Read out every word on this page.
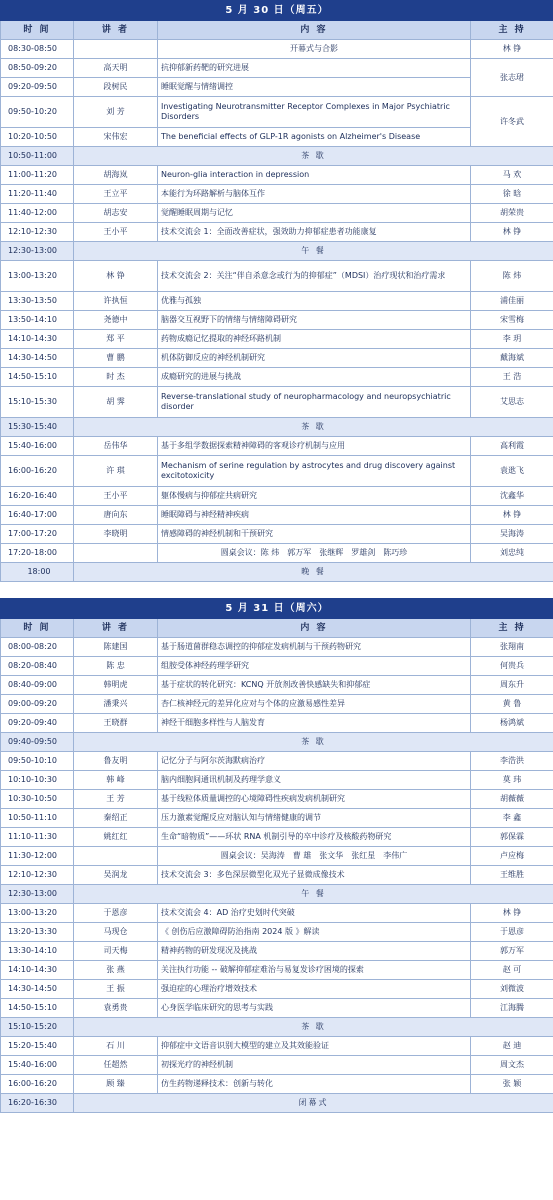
5 月 30 日（周五）			
时 间	讲 者	内 容	主 持
08:30-08:50		开幕式与合影	林 铮
08:50-09:20	高天明	抗抑郁新药靶的研究进展	张志珺
09:20-09:50	段树民	睡眠觉醒与情绪调控	
09:50-10:20	刘 芳	Investigating Neurotransmitter Receptor Complexes in Major Psychiatric Disorders	许冬武
10:20-10:50	宋伟宏	The beneficial effects of GLP-1R agonists on Alzheimer's Disease	
10:50-11:00	茶 歇		
11:00-11:20	胡海岚	Neuron-glia interaction in depression	马 欢
11:20-11:40	王立平	本能行为环路解析与脑体互作	徐 晗
11:40-12:00	胡志安	觉醒睡眠周期与记忆	胡荣贵
12:10-12:30	王小平	技术交流会 1：全面改善症状，强效助力抑郁症患者功能康复	林 铮
12:30-13:00	午 餐		
13:00-13:20	林 铮	技术交流会 2：关注“伴自杀意念或行为的抑郁症”（MDSI）治疗现状和治疗需求	陈 炜
13:30-13:50	许执恒	优雅与孤独	浦佳丽
13:50-14:10	尧德中	脑器交互视野下的情绪与情绪障碍研究	宋雪梅
14:10-14:30	郑 平	药物成瘾记忆提取的神经环路机制	李 玥
14:30-14:50	曹 鹏	机体防御反应的神经机制研究	戴海斌
14:50-15:10	时 杰	成瘾研究的进展与挑战	王 浩
15:10-15:30	胡 霁	Reverse-translational study of neuropharmacology and neuropsychiatric disorder	艾思志
15:30-15:40	茶 歇		
15:40-16:00	岳伟华	基于多组学数据探索精神障碍的客观诊疗机制与应用	高利霞
16:00-16:20	许 琪	Mechanism of serine regulation by astrocytes and drug discovery against excitotoxicity	袁逖飞
16:20-16:40	王小平	躯体慢病与抑郁症共病研究	沈鑫华
16:40-17:00	唐向东	睡眠障碍与神经精神疾病	林 铮
17:00-17:20	李晓明	情感障碍的神经机制和干预研究	吴海涛
17:20-18:00		圆桌会议：陈 炜　郭万军　张继辉　罗雄剑　陈巧珍	刘忠纯
18:00	晚 餐		
5 月 31 日（周六）			
时 间	讲 者	内 容	主 持
08:00-08:20	陈建国	基于肠道菌群稳态调控的抑郁症发病机制与干预药物研究	张翔南
08:20-08:40	陈 忠	组胺受体神经药理学研究	何贵兵
08:40-09:00	韩明虎	基于症状的转化研究：KCNQ 开放剂改善快感缺失和抑郁症	周东升
09:00-09:20	潘秉兴	杏仁核神经元的差异化应对与个体的应激易感性差异	黄 鲁
09:20-09:40	王晓群	神经干细胞多样性与人脑发育	杨鸿斌
09:40-09:50	茶 歇		
09:50-10:10	鲁友明	记忆分子与阿尔茨海默病治疗	李浩洪
10:10-10:30	韩 峰	脑内细胞间通讯机制及药理学意义	莫 玮
10:30-10:50	王 芳	基于线粒体质量调控的心境障碍性疾病发病机制研究	胡薇薇
10:50-11:10	秦绍正	压力激素觉醒反应对脑认知与情绪健康的调节	李 鑫
11:10-11:30	姚红红	生命“暗物质”——环状 RNA 机制引导的卒中诊疗及核酸药物研究	郭保霖
11:30-12:00		圆桌会议：吴海涛　曹 雄　张文华　张红星　李伟广	卢应梅
12:10-12:30	吴润龙	技术交流会 3：多色深层微型化双光子显微成像技术	王维胜
12:30-13:00	午 餐		
13:00-13:20	于恩彦	技术交流会 4：AD 治疗史划时代突破	林 铮
13:20-13:30	马现仓	《 创伤后应激障碍防治指南 2024 版 》解读	于恩彦
13:30-14:10	司天梅	精神药物的研发现况及挑战	郭万军
14:10-14:30	张 燕	关注执行功能 -- 破解抑郁症难治与易复发诊疗困境的探索	赵 可
14:30-14:50	王 振	强迫症的心理治疗增效技术	刘微波
14:50-15:10	袁勇贵	心身医学临床研究的思考与实践	江海腾
15:10-15:20	茶 歇		
15:20-15:40	石 川	抑郁症中文语音识别大模型的建立及其效能验证	赵 迪
15:40-16:00	任超然	初探光疗的神经机制	周文杰
16:00-16:20	顾 臻	仿生药物递释技术：创新与转化	张 颖
16:20-16:30	闭幕式		
